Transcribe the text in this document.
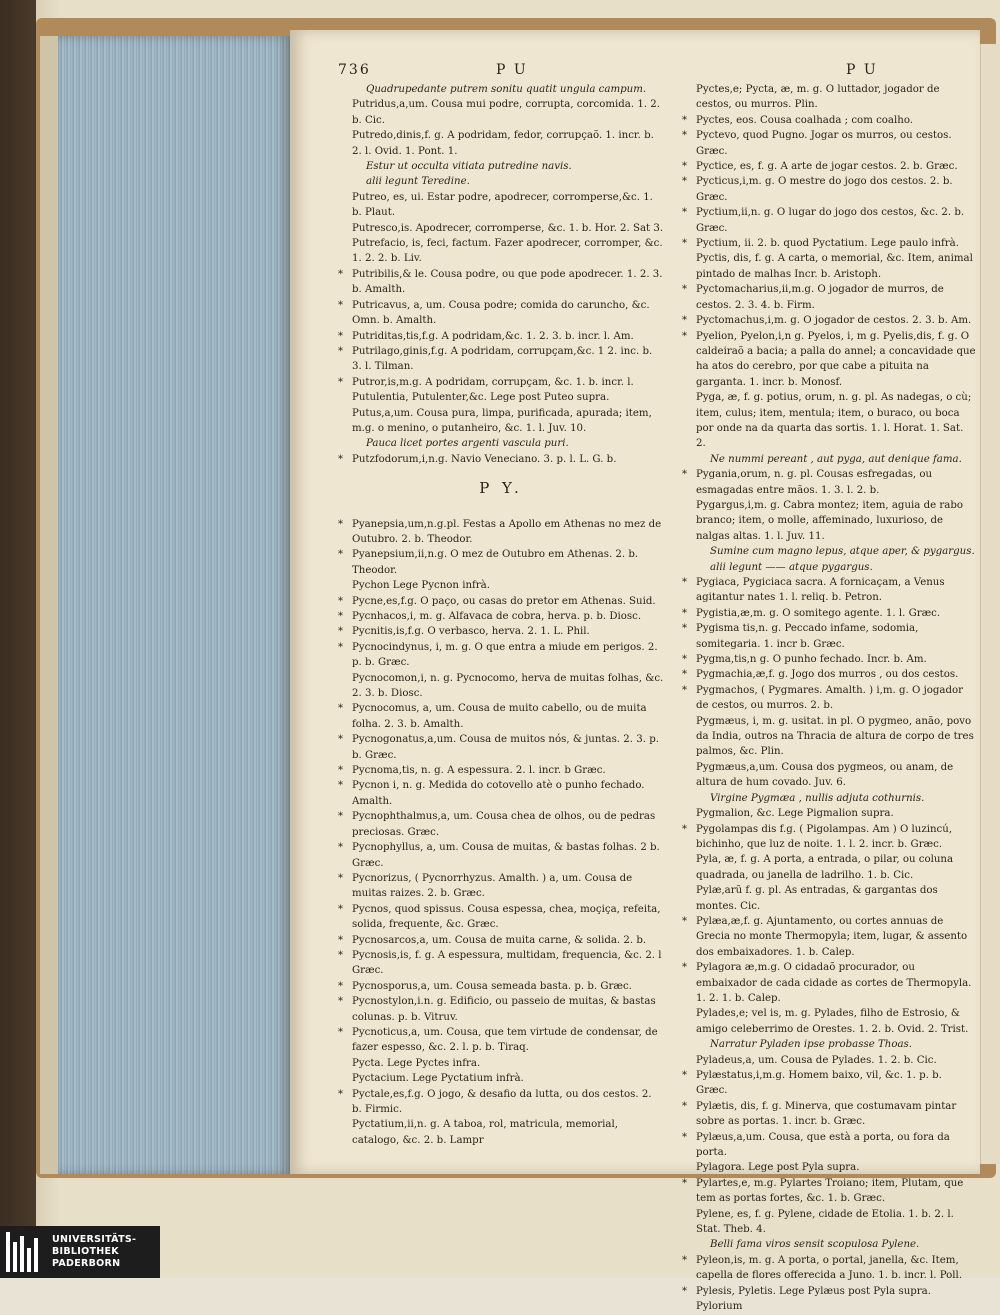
736	P U	P U
Quadrupedante putrem sonitu quatit ungula campum.
Putridus,a,um. Cousa mui podre, corrupta, corcomida. 1. 2. b. Cic.
Putredo,dinis,f. g. A podridam, fedor, corrupçaõ. 1. incr. b. 2. l. Ovid. 1. Pont. 1.
Estur ut occulta vitiata putredine navis.
alii legunt Teredine.
Putreo, es, ui. Estar podre, apodrecer, corromperse,&c. 1. b. Plaut.
Putresco,is. Apodrecer, corromperse, &c. 1. b. Hor. 2. Sat 3.
Putrefacio, is, feci, factum. Fazer apodrecer, corromper, &c. 1. 2. 2. b. Liv.
* Putribilis,& le. Cousa podre, ou que pode apodrecer. 1. 2. 3. b. Amalth.
* Putricavus, a, um. Cousa podre; comida do caruncho, &c. Omn. b. Amalth.
* Putriditas,tis,f.g. A podridam,&c. 1. 2. 3. b. incr. l. Am.
* Putrilago,ginis,f.g. A podridam, corrupçam,&c. 1 2. inc. b. 3. l. Tilman.
* Putror,is,m.g. A podridam, corrupçam, &c. 1. b. incr. l.
Putulentia, Putulenter,&c. Lege post Puteo supra.
Putus,a,um. Cousa pura, limpa, purificada, apurada; item, m.g. o menino, o putanheiro, &c. 1. l. Juv. 10.
Pauca licet portes argenti vascula puri.
* Putzfodorum,i,n.g. Navio Veneciano. 3. p. l. L. G. b.
P Y.
* Pyanepsia,um,n.g.pl. Festas a Apollo em Athenas no mez de Outubro. 2. b. Theodor.
* Pyanepsium,ii,n.g. O mez de Outubro em Athenas. 2. b. Theodor.
Pychon Lege Pycnon infrà.
* Pycne,es,f.g. O paço, ou casas do pretor em Athenas. Suid.
* Pycnhacos,i, m. g. Alfavaca de cobra, herva. p. b. Diosc.
* Pycnitis,is,f.g. O verbasco, herva. 2. 1. L. Phil.
* Pycnocindynus, i, m. g. O que entra a miude em perigos. 2. p. b. Græc.
Pycnocomon,i, n. g. Pycnocomo, herva de muitas folhas, &c. 2. 3. b. Diosc.
* Pycnocomus, a, um. Cousa de muito cabello, ou de muita folha. 2. 3. b. Amalth.
* Pycnogonatus,a,um. Cousa de muitos nós, & juntas. 2. 3. p. b. Græc.
* Pycnoma,tis, n. g. A espessura. 2. l. incr. b Græc.
* Pycnon i, n. g. Medida do cotovello atè o punho fechado. Amalth.
* Pycnophthalmus,a, um. Cousa chea de olhos, ou de pedras preciosas. Græc.
* Pycnophyllus, a, um. Cousa de muitas, & bastas folhas. 2 b. Græc.
* Pycnorizus, ( Pycnorrhyzus. Amalth. ) a, um. Cousa de muitas raizes. 2. b. Græc.
* Pycnos, quod spissus. Cousa espessa, chea, moçiça, refeita, solida, frequente, &c. Græc.
* Pycnosarcos,a, um. Cousa de muita carne, & solida. 2. b.
* Pycnosis,is, f. g. A espessura, multidam, frequencia, &c. 2. l Græc.
* Pycnosporus,a, um. Cousa semeada basta. p. b. Græc.
* Pycnostylon,i.n. g. Edificio, ou passeio de muitas, & bastas colunas. p. b. Vitruv.
* Pycnoticus,a, um. Cousa, que tem virtude de condensar, de fazer espesso, &c. 2. l. p. b. Tiraq.
Pycta. Lege Pyctes infra.
Pyctacium. Lege Pyctatium infrà.
* Pyctale,es,f.g. O jogo, & desafio da lutta, ou dos cestos. 2. b. Firmic.
Pyctatium,ii,n. g. A taboa, rol, matricula, memorial, catalogo, &c. 2. b. Lampr
Pyctes,e; Pycta, æ, m. g. O luttador, jogador de cestos, ou murros. Plin.
* Pyctes, eos. Cousa coalhada ; com coalho.
* Pyctevo, quod Pugno. Jogar os murros, ou cestos. Græc.
* Pyctice, es, f. g. A arte de jogar cestos. 2. b. Græc.
* Pycticus,i,m. g. O mestre do jogo dos cestos. 2. b. Græc.
* Pyctium,ii,n. g. O lugar do jogo dos cestos, &c. 2. b. Græc.
* Pyctium, ii. 2. b. quod Pyctatium. Lege paulo infrà.
Pyctis, dis, f. g. A carta, o memorial, &c. Item, animal pintado de malhas Incr. b. Aristoph.
* Pyctomacharius,ii,m.g. O jogador de murros, de cestos. 2. 3. 4. b. Firm.
* Pyctomachus,i,m. g. O jogador de cestos. 2. 3. b. Am.
* Pyelion, Pyelon,i,n g. Pyelos, i, m g. Pyelis,dis, f. g. O caldeiraõ a bacia; a palla do annel; a concavidade que ha atos do cerebro, por que cabe a pituita na garganta. 1. incr. b. Monosf.
Pyga, æ, f. g. potius, orum, n. g. pl. As nadegas, o cù; item, culus; item, mentula; item, o buraco, ou boca por onde na da quarta das sortis. 1. l. Horat. 1. Sat. 2.
Ne nummi pereant , aut pyga, aut denique fama.
* Pygania,orum, n. g. pl. Cousas esfregadas, ou esmagadas entre mãos. 1. 3. l. 2. b.
Pygargus,i,m. g. Cabra montez; item, aguia de rabo branco; item, o molle, affeminado, luxurioso, de nalgas altas. 1. l. Juv. 11.
Sumine cum magno lepus, atque aper, & pygargus.
alii legunt —— atque pygargus.
* Pygiaca, Pygiciaca sacra. A fornicaçam, a Venus agitantur nates 1. l. reliq. b. Petron.
* Pygistia,æ,m. g. O somitego agente. 1. l. Græc.
* Pygisma tis,n. g. Peccado infame, sodomia, somitegaria. 1. incr b. Græc.
* Pygma,tis,n g. O punho fechado. Incr. b. Am.
* Pygmachia,æ,f. g. Jogo dos murros , ou dos cestos.
* Pygmachos, ( Pygmares. Amalth. ) i,m. g. O jogador de cestos, ou murros. 2. b.
Pygmæus, i, m. g. usitat. in pl. O pygmeo, anão, povo da India, outros na Thracia de altura de corpo de tres palmos, &c. Plin.
Pygmæus,a,um. Cousa dos pygmeos, ou anam, de altura de hum covado. Juv. 6.
Virgine Pygmæa , nullis adjuta cothurnis.
Pygmalion, &c. Lege Pigmalion supra.
* Pygolampas dis f.g. ( Pigolampas. Am ) O luzincú, bichinho, que luz de noite. 1. l. 2. incr. b. Græc.
Pyla, æ, f. g. A porta, a entrada, o pilar, ou coluna quadrada, ou janella de ladrilho. 1. b. Cic.
Pylæ,arũ f. g. pl. As entradas, & gargantas dos montes. Cic.
* Pylæa,æ,f. g. Ajuntamento, ou cortes annuas de Grecia no monte Thermopyla; item, lugar, & assento dos embaixadores. 1. b. Calep.
* Pylagora æ,m.g. O cidadaõ procurador, ou embaixador de cada cidade as cortes de Thermopyla. 1. 2. 1. b. Calep.
Pylades,e; vel is, m. g. Pylades, filho de Estrosio, & amigo celeberrimo de Orestes. 1. 2. b. Ovid. 2. Trist.
Narratur Pyladen ipse probasse Thoas.
Pyladeus,a, um. Cousa de Pylades. 1. 2. b. Cic.
* Pylæstatus,i,m.g. Homem baixo, vil, &c. 1. p. b. Græc.
* Pylætis, dis, f. g. Minerva, que costumavam pintar sobre as portas. 1. incr. b. Græc.
* Pylæus,a,um. Cousa, que està a porta, ou fora da porta.
Pylagora. Lege post Pyla supra.
* Pylartes,e, m.g. Pylartes Troiano; item, Plutam, que tem as portas fortes, &c. 1. b. Græc.
Pylene, es, f. g. Pylene, cidade de Etolia. 1. b. 2. l. Stat. Theb. 4.
Belli fama viros sensit scopulosa Pylene.
* Pyleon,is, m. g. A porta, o portal, janella, &c. Item, capella de flores offerecida a Juno. 1. b. incr. l. Poll.
* Pylesis, Pyletis. Lege Pylæus post Pyla supra.
Pylorium
UNIVERSITÄTS-
BIBLIOTHEK
PADERBORN
